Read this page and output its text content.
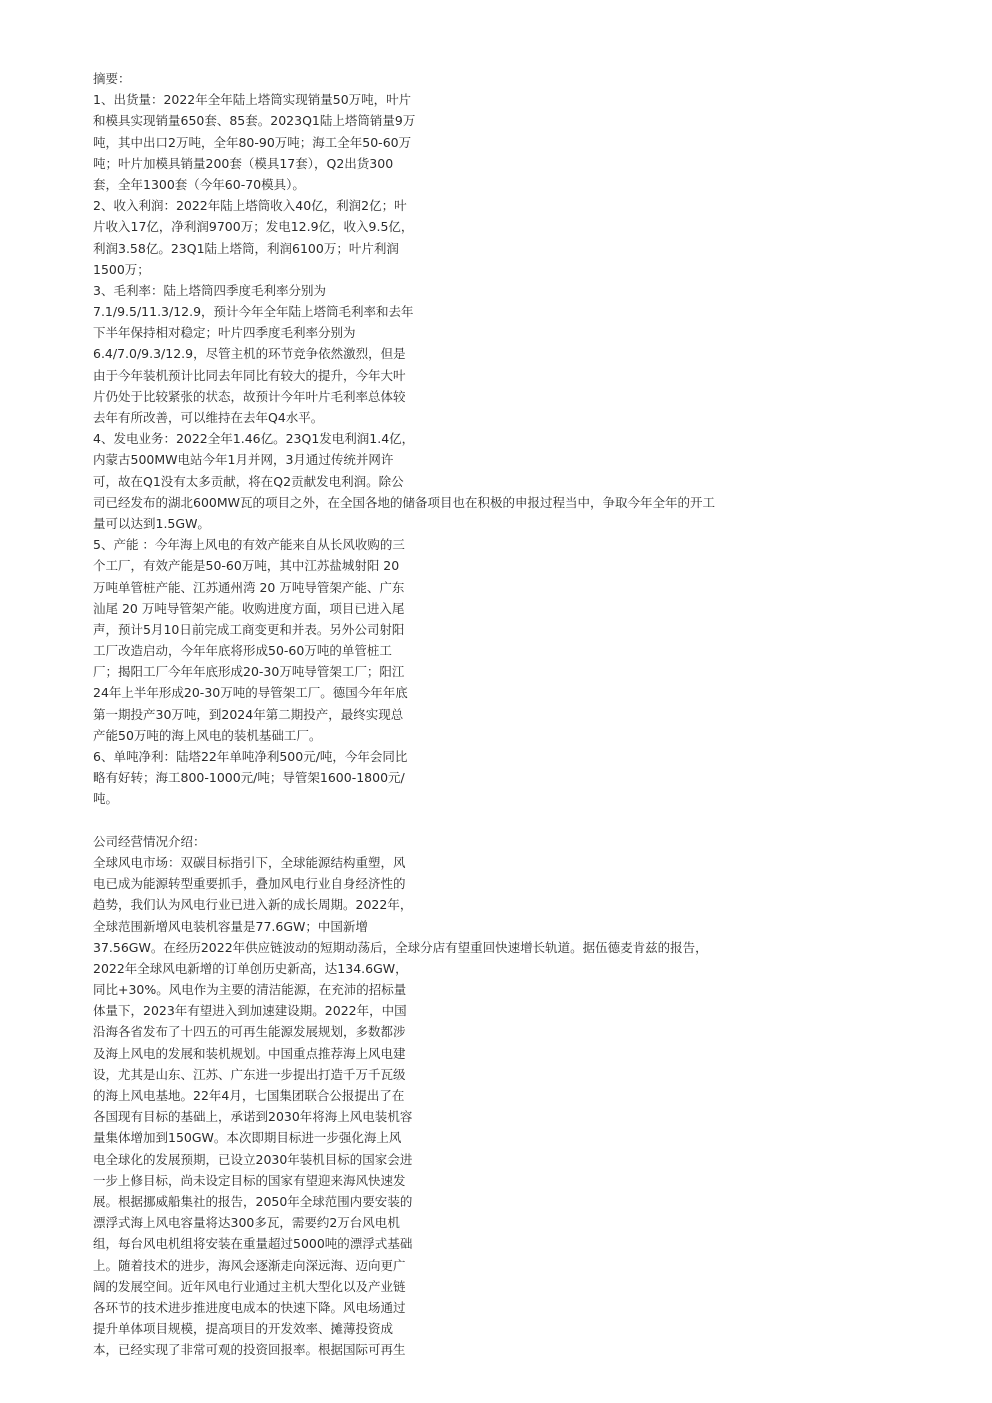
摘要：
1、出货量：2022年全年陆上塔筒实现销量50万吨，叶片
和模具实现销量650套、85套。2023Q1陆上塔筒销量9万
吨，其中出口2万吨，全年80-90万吨；海工全年50-60万
吨；叶片加模具销量200套（模具17套），Q2出货300
套，全年1300套（今年60-70模具）。
2、收入利润：2022年陆上塔筒收入40亿，利润2亿；叶
片收入17亿，净利润9700万；发电12.9亿，收入9.5亿，
利润3.58亿。23Q1陆上塔筒，利润6100万；叶片利润
1500万；
3、毛利率：陆上塔筒四季度毛利率分别为
7.1/9.5/11.3/12.9，预计今年全年陆上塔筒毛利率和去年
下半年保持相对稳定；叶片四季度毛利率分别为
6.4/7.0/9.3/12.9，尽管主机的环节竞争依然激烈，但是
由于今年装机预计比同去年同比有较大的提升，今年大叶
片仍处于比较紧张的状态，故预计今年叶片毛利率总体较
去年有所改善，可以维持在去年Q4水平。
4、发电业务：2022全年1.46亿。23Q1发电利润1.4亿，
内蒙古500MW电站今年1月并网，3月通过传统并网许
可，故在Q1没有太多贡献，将在Q2贡献发电利润。除公
司已经发布的湖北600MW瓦的项目之外，在全国各地的储备项目也在积极的申报过程当中，争取今年全年的开工
量可以达到1.5GW。
5、产能 ：今年海上风电的有效产能来自从长风收购的三
个工厂，有效产能是50-60万吨，其中江苏盐城射阳 20
万吨单管桩产能、江苏通州湾 20 万吨导管架产能、广东
汕尾 20 万吨导管架产能。收购进度方面，项目已进入尾
声，预计5月10日前完成工商变更和并表。另外公司射阳
工厂改造启动，今年年底将形成50-60万吨的单管桩工
厂；揭阳工厂今年年底形成20-30万吨导管架工厂；阳江
24年上半年形成20-30万吨的导管架工厂。德国今年年底
第一期投产30万吨，到2024年第二期投产，最终实现总
产能50万吨的海上风电的装机基础工厂。
6、单吨净利：陆塔22年单吨净利500元/吨，今年会同比
略有好转；海工800-1000元/吨；导管架1600-1800元/
吨。
公司经营情况介绍：
全球风电市场：双碳目标指引下，全球能源结构重塑，风
电已成为能源转型重要抓手，叠加风电行业自身经济性的
趋势，我们认为风电行业已进入新的成长周期。2022年，
全球范围新增风电装机容量是77.6GW；中国新增
37.56GW。在经历2022年供应链波动的短期动荡后，全球分店有望重回快速增长轨道。据伍德麦肯兹的报告，
2022年全球风电新增的订单创历史新高，达134.6GW，
同比+30%。风电作为主要的清洁能源，在充沛的招标量
体量下，2023年有望进入到加速建设期。2022年，中国
沿海各省发布了十四五的可再生能源发展规划，多数都涉
及海上风电的发展和装机规划。中国重点推荐海上风电建
设，尤其是山东、江苏、广东进一步提出打造千万千瓦级
的海上风电基地。22年4月，七国集团联合公报提出了在
各国现有目标的基础上，承诺到2030年将海上风电装机容
量集体增加到150GW。本次即期目标进一步强化海上风
电全球化的发展预期，已设立2030年装机目标的国家会进
一步上修目标，尚未设定目标的国家有望迎来海风快速发
展。根据挪威船集社的报告，2050年全球范围内要安装的
漂浮式海上风电容量将达300多瓦，需要约2万台风电机
组，每台风电机组将安装在重量超过5000吨的漂浮式基础
上。随着技术的进步，海风会逐渐走向深远海、迈向更广
阔的发展空间。近年风电行业通过主机大型化以及产业链
各环节的技术进步推进度电成本的快速下降。风电场通过
提升单体项目规模，提高项目的开发效率、摊薄投资成
本，已经实现了非常可观的投资回报率。根据国际可再生
